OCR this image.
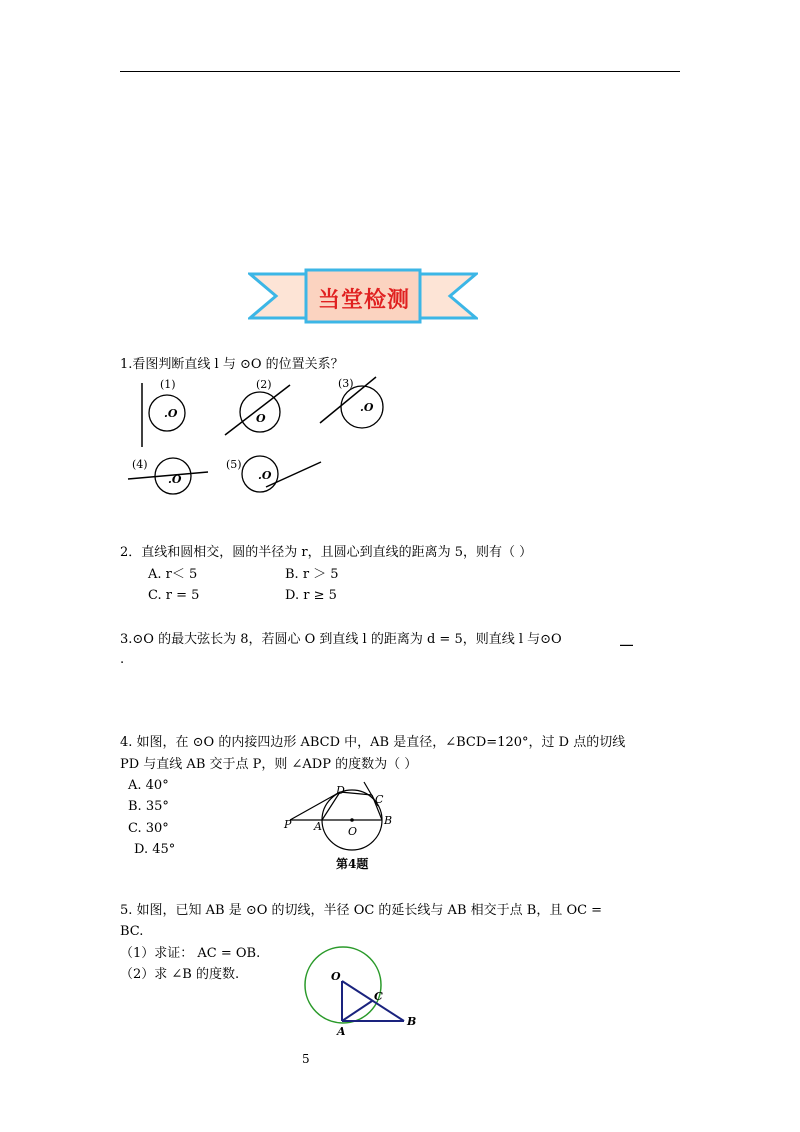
当堂检测
1.看图判断直线 l 与 ⊙O 的位置关系？
(1)
.O
(2)
O
(4)
.O
(5)
.O
(3)
.O
2．直线和圆相交，圆的半径为 r，且圆心到直线的距离为 5，则有（ ）
A. r＜ 5	B. r ＞ 5
C. r = 5	D. r ≥ 5
3.⊙O 的最大弦长为 8，若圆心 O 到直线 l 的距离为 d = 5，则直线 l 与⊙O	__
.
4. 如图，在 ⊙O 的内接四边形 ABCD 中，AB 是直径，∠BCD=120°，过 D 点的切线
PD 与直线 AB 交于点 P，则 ∠ADP 的度数为（ ）
A. 40°
B. 35°
C. 30°
D. 45°
P A O
B
C
D
第4题
5. 如图，已知 AB 是 ⊙O 的切线，半径 OC 的延长线与 AB 相交于点 B，且 OC =
BC.
（1）求证： AC = OB.
（2）求 ∠B 的度数.	O
C
A
B
5
